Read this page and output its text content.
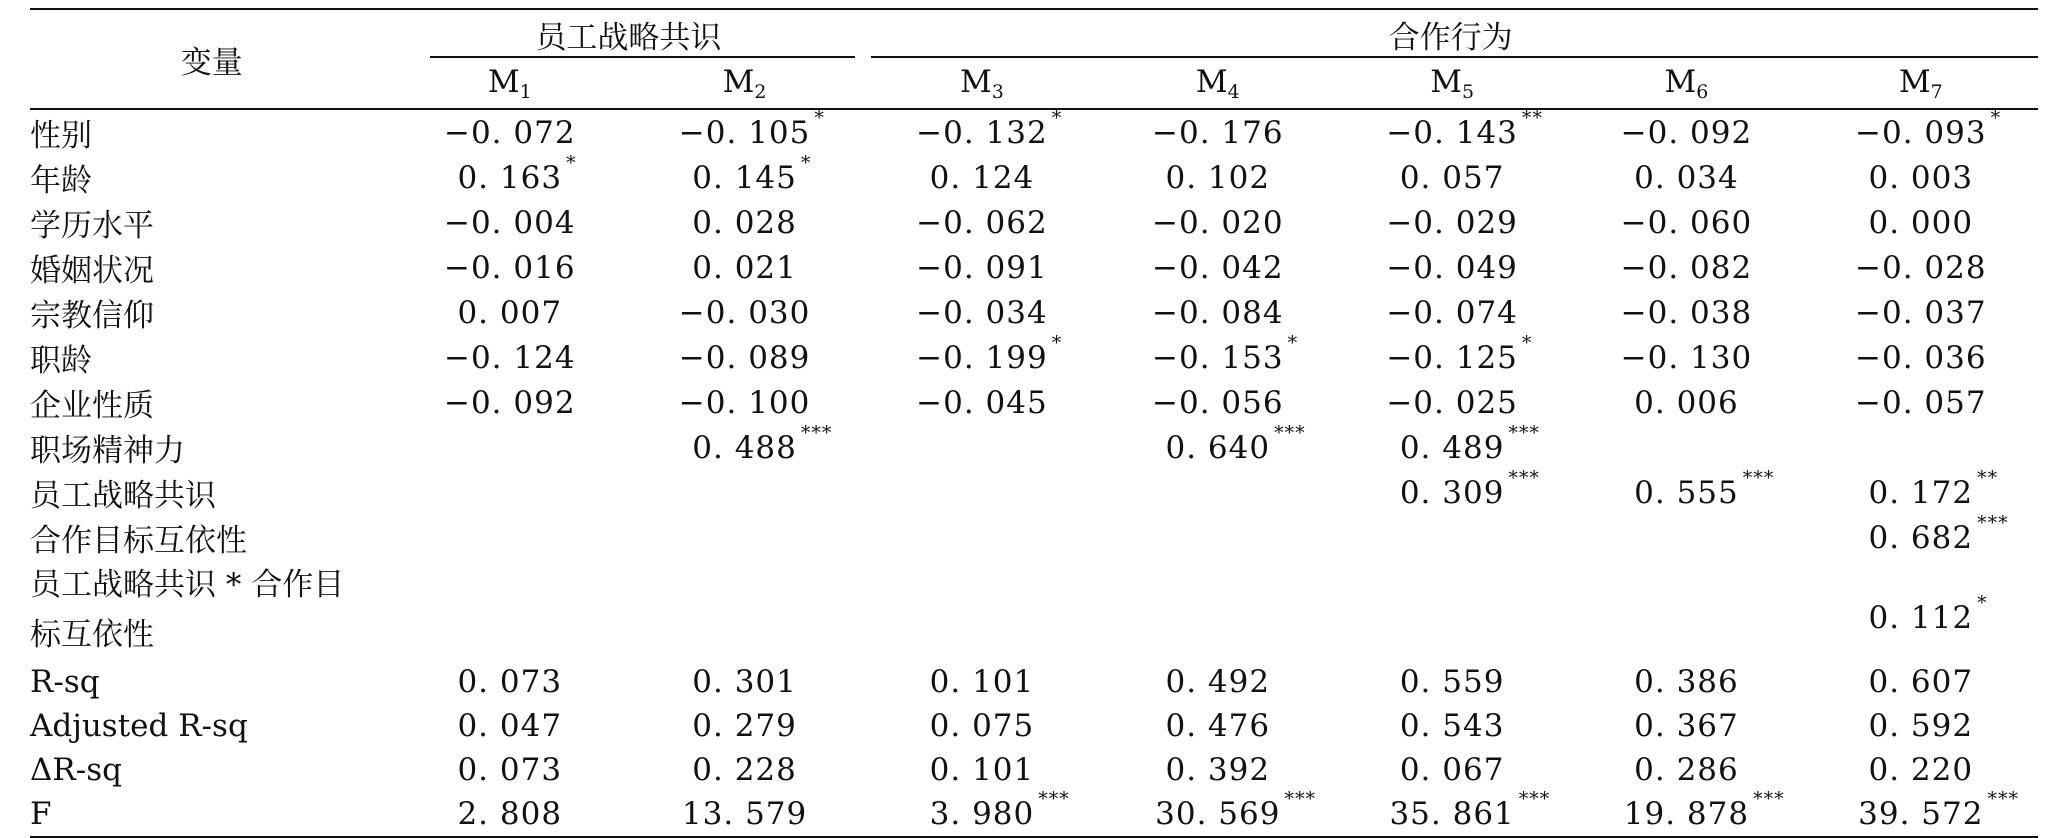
变量	员工战略共识		合作行为				

	$M_1$	$M_2$	$M_3$	$M_4$	$M_5$	$M_6$	$M_7$
性别	−0. 072	−0. 105 *	−0. 132 *	−0. 176	−0. 143 **	−0. 092	−0. 093 *

年龄	0. 163 *	0. 145 *	0. 124	0. 102	0. 057	0. 034	0. 003
学历水平	−0. 004	0. 028	−0. 062	−0. 020	−0. 029	−0. 060	0. 000
婚姻状况	−0. 016	0. 021	−0. 091	−0. 042	−0. 049	−0. 082	−0. 028
宗教信仰	0. 007	−0. 030	−0. 034	−0. 084	−0. 074	−0. 038	−0. 037
职龄	−0. 124	−0. 089	−0. 199 *	−0. 153 *	−0. 125 *	−0. 130	−0. 036
企业性质	−0. 092	−0. 100	−0. 045	−0. 056	−0. 025	0. 006	−0. 057
职场精神力		0. 488 ***		0. 640 ***	0. 489 ***		

员工战略共识					0. 309 ***	0. 555 ***	0. 172 **

合作目标互依性							0. 682 ***

员工战略共识 * 合作目
标互依性							0. 112 *

R-sq	0. 073	0. 301	0. 101	0. 492	0. 559	0. 386	0. 607
Adjusted R-sq	0. 047	0. 279	0. 075	0. 476	0. 543	0. 367	0. 592
ΔR-sq	0. 073	0. 228	0. 101	0. 392	0. 067	0. 286	0. 220
F	2. 808	13. 579	3. 980 ***	30. 569 ***	35. 861 ***	19. 878 ***	39. 572 ***
